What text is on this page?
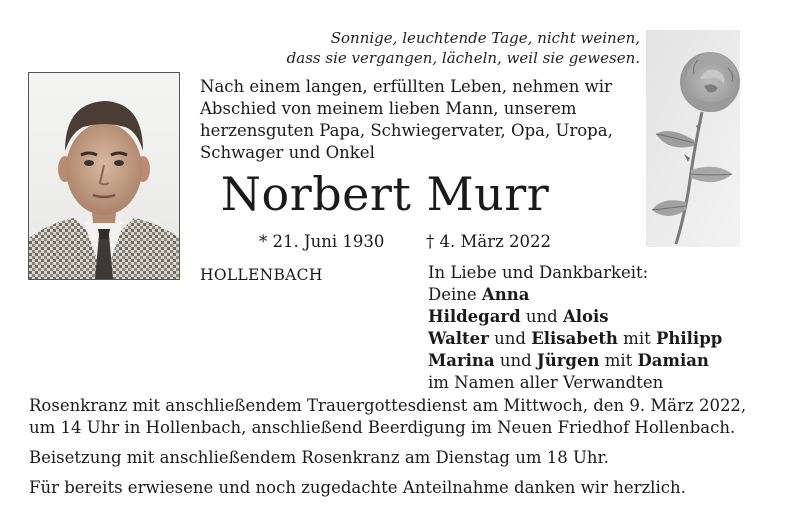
Sonnige, leuchtende Tage, nicht weinen,
dass sie vergangen, lächeln, weil sie gewesen.
Nach einem langen, erfüllten Leben, nehmen wir
Abschied von meinem lieben Mann, unserem
herzensguten Papa, Schwiegervater, Opa, Uropa,
Schwager und Onkel
Norbert Murr
* 21. Juni 1930	† 4. März 2022
HOLLENBACH	In Liebe und Dankbarkeit:
Deine Anna
Hildegard und Alois
Walter und Elisabeth mit Philipp
Marina und Jürgen mit Damian
im Namen aller Verwandten
Rosenkranz mit anschließendem Trauergottesdienst am Mittwoch, den 9. März 2022,
um 14 Uhr in Hollenbach, anschließend Beerdigung im Neuen Friedhof Hollenbach.
Beisetzung mit anschließendem Rosenkranz am Dienstag um 18 Uhr.
Für bereits erwiesene und noch zugedachte Anteilnahme danken wir herzlich.
